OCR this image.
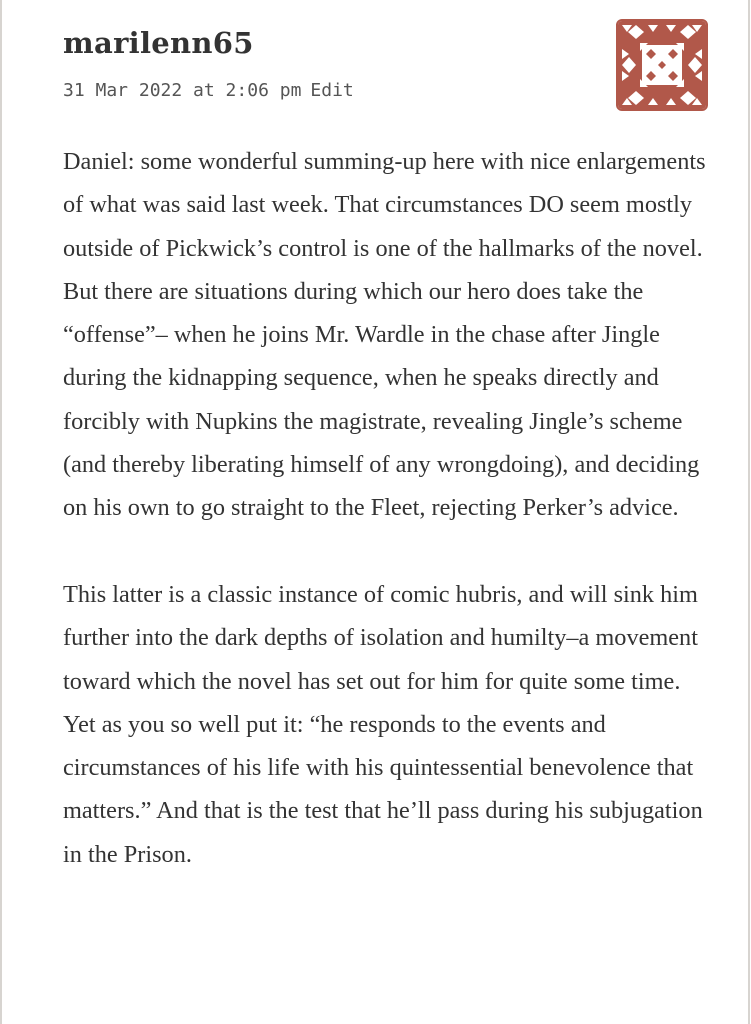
marilenn65
31 Mar 2022 at 2:06 pm Edit

Daniel: some wonderful summing-up here with nice enlargements of what was said last week. That circumstances DO seem mostly outside of Pickwick’s control is one of the hallmarks of the novel. But there are situations during which our hero does take the “offense”– when he joins Mr. Wardle in the chase after Jingle during the kidnapping sequence, when he speaks directly and forcibly with Nupkins the magistrate, revealing Jingle’s scheme (and thereby liberating himself of any wrongdoing), and deciding on his own to go straight to the Fleet, rejecting Perker’s advice.

This latter is a classic instance of comic hubris, and will sink him further into the dark depths of isolation and humilty–a movement toward which the novel has set out for him for quite some time. Yet as you so well put it: “he responds to the events and circumstances of his life with his quintessential benevolence that matters.” And that is the test that he’ll pass during his subjugation in the Prison.
